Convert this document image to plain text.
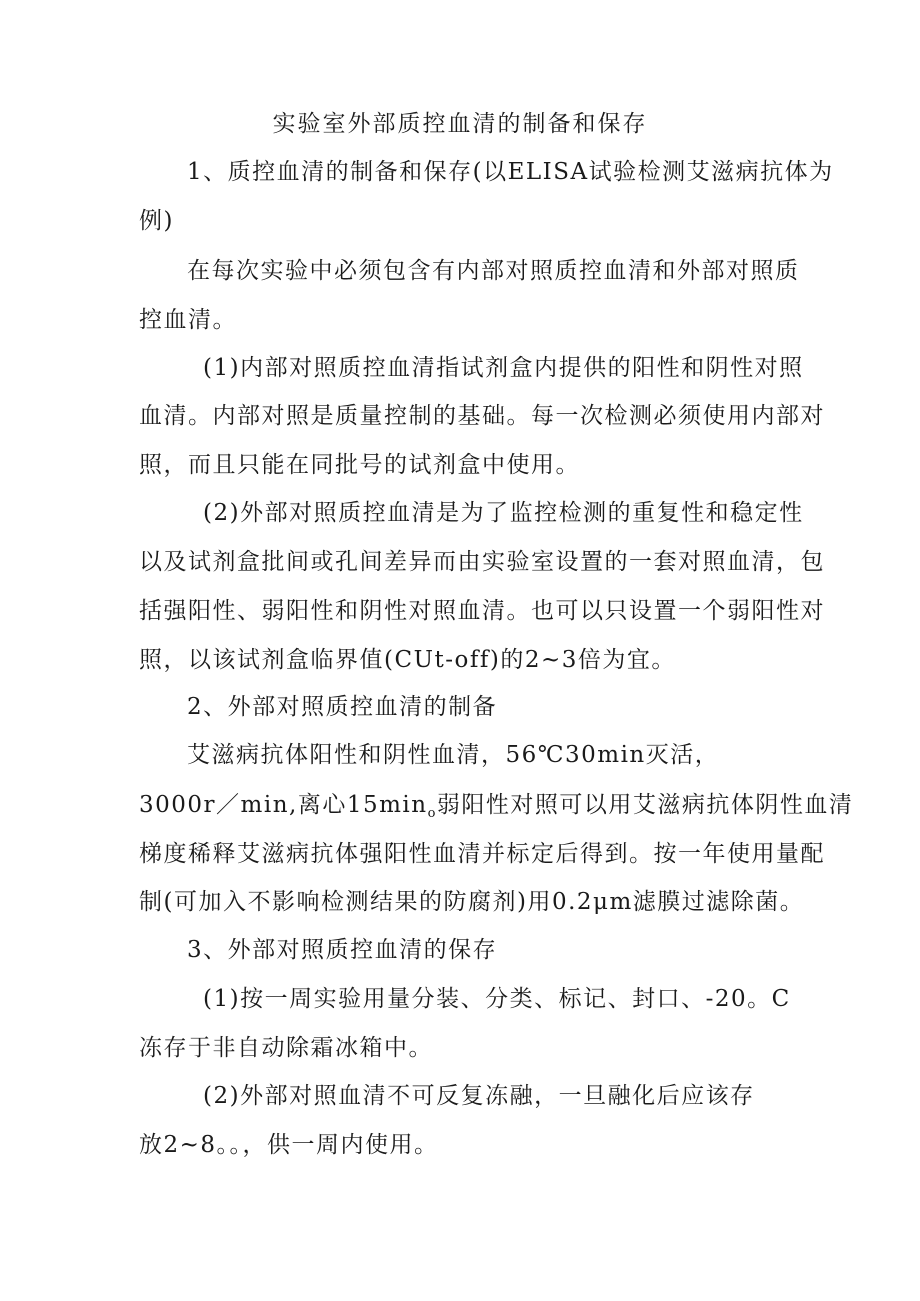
实验室外部质控血清的制备和保存
1、质控血清的制备和保存(以ELISA试验检测艾滋病抗体为
例)
在每次实验中必须包含有内部对照质控血清和外部对照质
控血清。
(1)内部对照质控血清指试剂盒内提供的阳性和阴性对照
血清。内部对照是质量控制的基础。每一次检测必须使用内部对
照，而且只能在同批号的试剂盒中使用。
(2)外部对照质控血清是为了监控检测的重复性和稳定性
以及试剂盒批间或孔间差异而由实验室设置的一套对照血清，包
括强阳性、弱阳性和阴性对照血清。也可以只设置一个弱阳性对
照，以该试剂盒临界值(CUt-off)的2~3倍为宜。
2、外部对照质控血清的制备
艾滋病抗体阳性和阴性血清，56℃30min灭活，
3000r／min,离心$15\min_o$弱阳性对照可以用艾滋病抗体阴性血清
梯度稀释艾滋病抗体强阳性血清并标定后得到。按一年使用量配
制(可加入不影响检测结果的防腐剂)用0.2μm滤膜过滤除菌。
3、外部对照质控血清的保存
(1)按一周实验用量分装、分类、标记、封口、-20。C
冻存于非自动除霜冰箱中。
(2)外部对照血清不可反复冻融，一旦融化后应该存
放2~8。。，供一周内使用。
